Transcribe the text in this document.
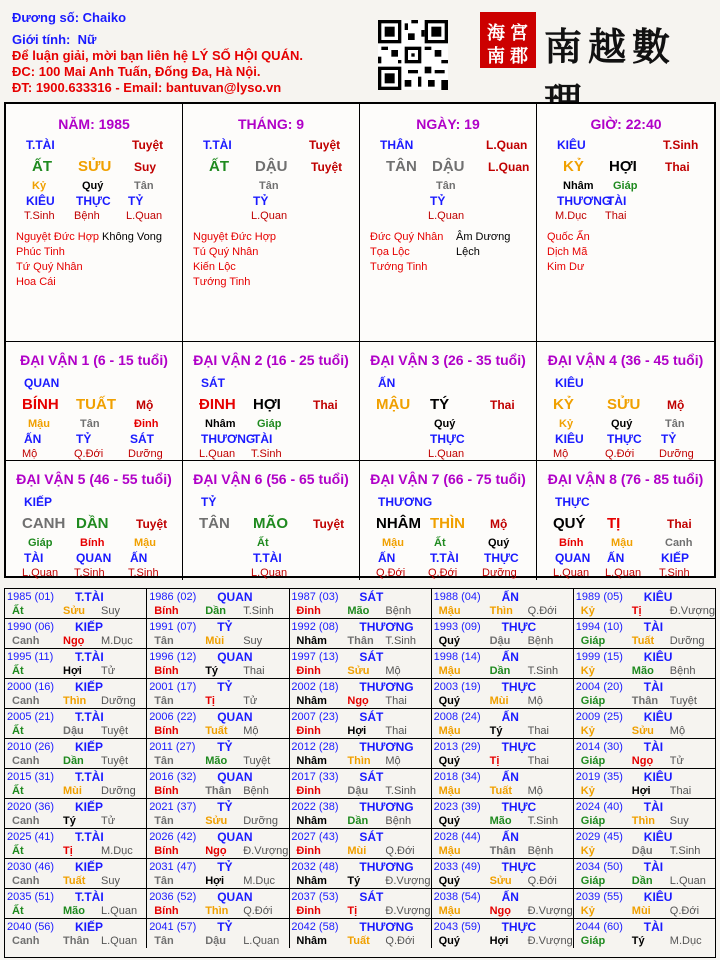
Đương số: Chaiko
Giới tính: Nữ
Để luận giải, mời bạn liên hệ LÝ SỐ HỘI QUÁN.
ĐC: 100 Mai Anh Tuấn, Đống Đa, Hà Nội.
ĐT: 1900.633316 - Email: bantuvan@lyso.vn
海 宮
南 郡 南越數
NĂM: 1985
T.TÀI	Tuyệt
ẤT SỬU Suy
Kỷ	Quý	Tân
KIÊU THỰC TỶ
T.Sinh Bệnh L.Quan
Nguyệt Đức Hợp
Phúc Tinh
Tứ Quý Nhân
Hoa Cái
Không Vong
THÁNG: 9
T.TÀI	Tuyệt
ẤT DẬU Tuyệt
Tân
TỶ
L.Quan
Nguyệt Đức Hợp
Tú Quý Nhân
Kiến Lộc
Tướng Tinh
NGÀY: 19
THÂN	L.Quan
TÂN DẬU L.Quan
Tân
TỶ
L.Quan
Đức Quý Nhân
Tọa Lộc
Tướng Tinh
Âm Dương Lệch
GIỜ: 22:40
KIÊU	T.Sinh
KỶ HỢI Thai
Nhâm Giáp
THƯƠNG
TÀI
M.Dục Thai
Quốc Ấn
Dịch Mã
Kim Dư
ĐẠI VẬN 1 (6 - 15 tuổi)
QUAN
BÍNH TUẤT Mộ
Mậu	Tân	Đinh
ẤN	TỶ	SÁT
Mộ	Q.Đới Dưỡng
ĐẠI VẬN 2 (16 - 25 tuổi)
SÁT
ĐINH HỢI	Thai
Nhâm Giáp
THƯƠNG
TÀI
L.Quan T.Sinh
ĐẠI VẬN 3 (26 - 35 tuổi)
ẤN
MẬU TÝ	Thai
Quý
THỰC
L.Quan
ĐẠI VẬN 4 (36 - 45 tuổi)
KIÊU
KỶ SỬU Mộ
Kỷ	Quý	Tân
KIÊU THỰC TỶ
Mộ	Q.Đới Dưỡng
ĐẠI VẬN 5 (46 - 55 tuổi)
KIẾP
CANH DẦN Tuyệt
Giáp	Bính	Mậu
TÀI	QUAN ẤN
L.Quan T.Sinh T.Sinh
ĐẠI VẬN 6 (56 - 65 tuổi)
TỶ
TÂN MÃO Tuyệt
Ất
T.TÀI
L.Quan
ĐẠI VẬN 7 (66 - 75 tuổi)
THƯƠNG
NHÂM THÌN Mộ
Mậu	Ất	Quý
ẤN	T.TÀI THỰC
Q.Đới Q.Đới Dưỡng
ĐẠI VẬN 8 (76 - 85 tuổi)
THỰC
QUÝ TỊ	Thai
Bính	Mậu	Canh
QUAN ẤN	KIẾP
L.Quan L.Quan T.Sinh
1985 (01) T.TÀI
Ất	Sửu Suy
1986 (02) QUAN
Bính Dần T.Sinh
1987 (03) SÁT
Đinh Mão Bệnh
1988 (04) ẤN
Mậu	Thìn Q.Đới
1989 (05) KIÊU
Kỷ	Tị	Đ.Vượng
1990 (06) KIẾP
Canh Ngọ M.Dục
1991 (07) TỶ
Tân	Mùi Suy
1992 (08) THƯƠNG
Nhâm Thân T.Sinh
1993 (09) THỰC
Quý	Dậu Bệnh
1994 (10) TÀI
Giáp Tuất Dưỡng
1995 (11) T.TÀI
Ất	Hợi Tử
1996 (12) QUAN
Bính Tý Thai
1997 (13) SÁT
Đinh Sửu Mộ
1998 (14) ẤN
Mậu	Dần T.Sinh
1999 (15) KIÊU
Kỷ	Mão Bệnh
2000 (16) KIẾP
Canh Thìn Dưỡng
2001 (17) TỶ
Tân	Tị	Tử
2002 (18) THƯƠNG
Nhâm Ngọ Thai
2003 (19) THỰC
Quý	Mùi Mộ
2004 (20) TÀI
Giáp Thân Tuyệt
2005 (21) T.TÀI
Ất	Dậu Tuyệt
2006 (22) QUAN
Bính Tuất Mộ
2007 (23) SÁT
Đinh Hợi Thai
2008 (24) ẤN
Mậu	Tý Thai
2009 (25) KIÊU
Kỷ	Sửu Mộ
2010 (26) KIẾP
Canh Dần Tuyệt
2011 (27) TỶ
Tân	Mão Tuyệt
2012 (28) THƯƠNG
Nhâm Thìn Mộ
2013 (29) THỰC
Quý	Tị	Thai
2014 (30) TÀI
Giáp Ngọ Tử
2015 (31) T.TÀI
Ất	Mùi Dưỡng
2016 (32) QUAN
Bính Thân Bệnh
2017 (33) SÁT
Đinh Dậu T.Sinh
2018 (34) ẤN
Mậu	Tuất Mộ
2019 (35) KIÊU
Kỷ	Hợi Thai
2020 (36) KIẾP
Canh Tý Tử
2021 (37) TỶ
Tân	Sửu Dưỡng
2022 (38) THƯƠNG
Nhâm Dần Bệnh
2023 (39) THỰC
Quý	Mão T.Sinh
2024 (40) TÀI
Giáp Thìn Suy
2025 (41) T.TÀI
Ất	Tị	M.Dục
2026 (42) QUAN
Bính Ngọ Đ.Vượng
2027 (43) SÁT
Đinh Mùi Q.Đới
2028 (44) ẤN
Mậu	Thân Bệnh
2029 (45) KIÊU
Kỷ	Dậu T.Sinh
2030 (46) KIẾP
Canh Tuất Suy
2031 (47) TỶ
Tân	Hợi M.Dục
2032 (48) THƯƠNG
Nhâm Tý Đ.Vượng
2033 (49) THỰC
Quý	Sửu Q.Đới
2034 (50) TÀI
Giáp Dần L.Quan
2035 (51) T.TÀI
Ất	Mão L.Quan
2036 (52) QUAN
Bính Thìn Q.Đới
2037 (53) SÁT
Đinh Tị	Đ.Vượng
2038 (54) ẤN
Mậu	Ngọ Đ.Vượng
2039 (55) KIÊU
Kỷ	Mùi Q.Đới
2040 (56) KIẾP
Canh Thân L.Quan
2041 (57) TỶ
Tân	Dậu L.Quan
2042 (58) THƯƠNG
Nhâm Tuất Q.Đới
2043 (59) THỰC
Quý	Hợi Đ.Vượng
2044 (60) TÀI
Giáp Tý M.Dục
